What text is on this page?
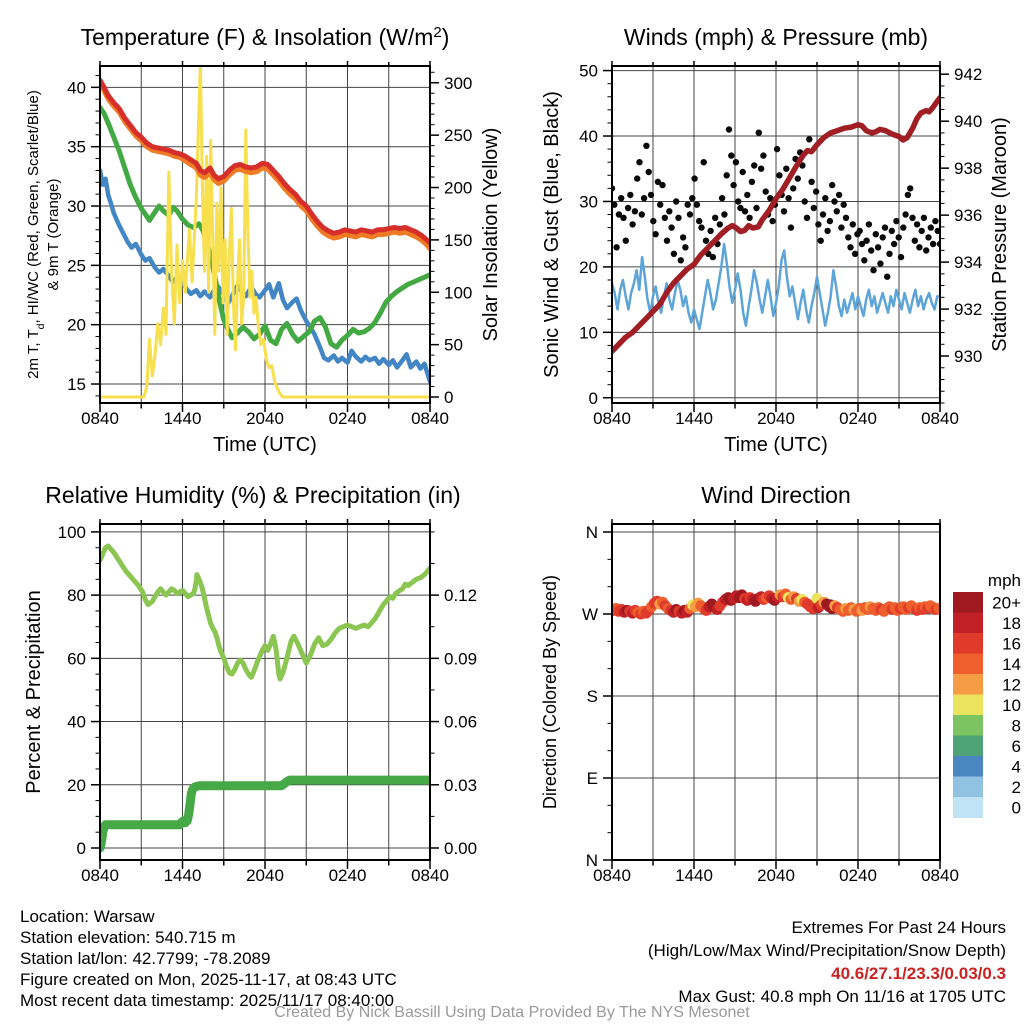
0840	1440	2040	0240	0840
15
20
25
30
35
40
0
50
100
150
200
250
300
Temperature (F) & Insolation $(W/m^2)$
Time (UTC)
2m T, $T_d$, HI/WC (Red, Green, Scarlet/Blue) & 9m T (Orange)	Solar Insolation (Yellow)
0840	1440	2040	0240	0840
0
10
20
30
40
50
930
932
934
936
938
940
942
Winds (mph) & Pressure (mb)
Time (UTC)
Sonic Wind & Gust (Blue, Black)	Station Pressure (Maroon)
0840	1440	2040	0240	0840
0
20
40
60
80
100
0.00
0.03
0.06
0.09
0.12
Relative Humidity (%) & Precipitation (in)
Percent & Precipitation
0840	1440	2040	0240	0840
N
E
S
W
N
Wind Direction
Direction (Colored By Speed)	mph
20+
18
16
14
12
10
8
6
4
2
0
Location: Warsaw
Station elevation: 540.715 m
Station lat/lon: 42.7799; -78.2089
Figure created on Mon, 2025-11-17, at 08:43 UTC
Most recent data timestamp: 2025/11/17 08:40:00
Extremes For Past 24 Hours
(High/Low/Max Wind/Precipitation/Snow Depth)
40.6/27.1/23.3/0.03/0.3
Max Gust: 40.8 mph On 11/16 at 1705 UTC
Created By Nick Bassill Using Data Provided By The NYS Mesonet
